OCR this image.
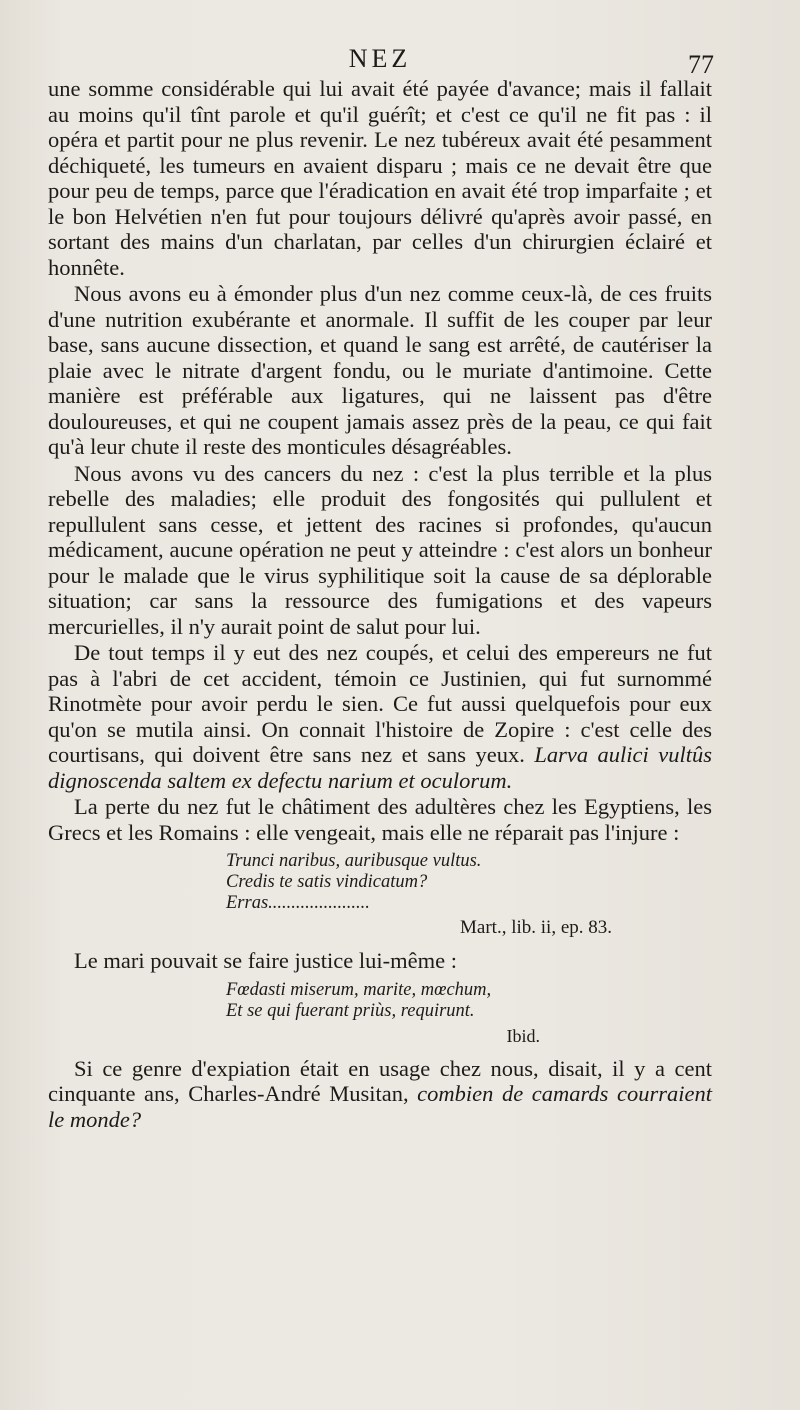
NEZ	77

une somme considérable qui lui avait été payée d'avance; mais il fallait au moins qu'il tînt parole et qu'il guérît; et c'est ce qu'il ne fit pas : il opéra et partit pour ne plus revenir. Le nez tubéreux avait été pesamment déchiqueté, les tumeurs en avaient disparu ; mais ce ne devait être que pour peu de temps, parce que l'éradication en avait été trop imparfaite ; et le bon Helvétien n'en fut pour toujours délivré qu'après avoir passé, en sortant des mains d'un charlatan, par celles d'un chirurgien éclairé et honnête.

Nous avons eu à émonder plus d'un nez comme ceux-là, de ces fruits d'une nutrition exubérante et anormale. Il suffit de les couper par leur base, sans aucune dissection, et quand le sang est arrêté, de cautériser la plaie avec le nitrate d'argent fondu, ou le muriate d'antimoine. Cette manière est préférable aux ligatures, qui ne laissent pas d'être douloureuses, et qui ne coupent jamais assez près de la peau, ce qui fait qu'à leur chute il reste des monticules désagréables.

Nous avons vu des cancers du nez : c'est la plus terrible et la plus rebelle des maladies; elle produit des fongosités qui pullulent et repullulent sans cesse, et jettent des racines si profondes, qu'aucun médicament, aucune opération ne peut y atteindre : c'est alors un bonheur pour le malade que le virus syphilitique soit la cause de sa déplorable situation; car sans la ressource des fumigations et des vapeurs mercurielles, il n'y aurait point de salut pour lui.

De tout temps il y eut des nez coupés, et celui des empereurs ne fut pas à l'abri de cet accident, témoin ce Justinien, qui fut surnommé Rinotmète pour avoir perdu le sien. Ce fut aussi quelquefois pour eux qu'on se mutila ainsi. On connait l'histoire de Zopire : c'est celle des courtisans, qui doivent être sans nez et sans yeux. Larva aulici vultûs dignoscenda saltem ex defectu narium et oculorum.

La perte du nez fut le châtiment des adultères chez les Egyptiens, les Grecs et les Romains : elle vengeait, mais elle ne réparait pas l'injure :

Trunci naribus, auribusque vultus.
Credis te satis vindicatum?
Erras......................
Mart., lib. ii, ep. 83.

Le mari pouvait se faire justice lui-même :

Fœdasti miserum, marite, mœchum,
Et se qui fuerant priùs, requirunt.
Ibid.

Si ce genre d'expiation était en usage chez nous, disait, il y a cent cinquante ans, Charles-André Musitan, combien de camards courraient le monde?
